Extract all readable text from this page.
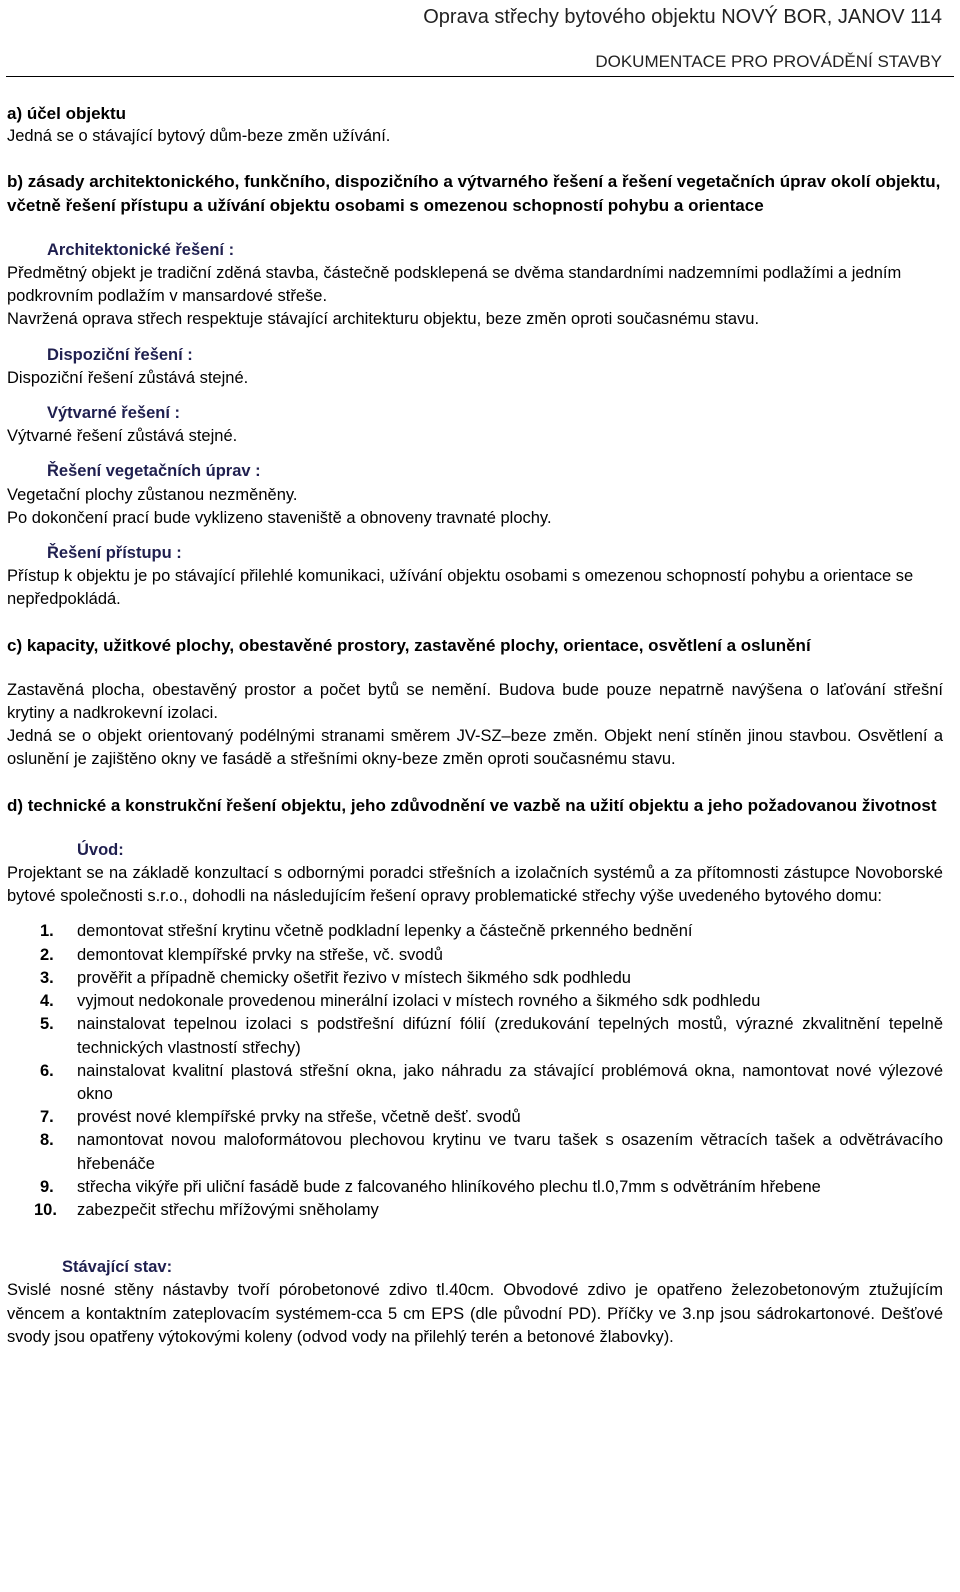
Oprava střechy bytového objektu NOVÝ BOR, JANOV 114
DOKUMENTACE PRO PROVÁDĚNÍ STAVBY

a) účel objektu

Jedná se o stávající bytový dům-beze změn užívání.

b) zásady architektonického, funkčního, dispozičního a výtvarného řešení a řešení vegetačních úprav okolí objektu, včetně řešení přístupu a užívání objektu osobami s omezenou schopností pohybu a orientace

Architektonické řešení :

Předmětný objekt je tradiční zděná stavba, částečně podsklepená se dvěma standardními nadzemními podlažími a jedním podkrovním podlažím v mansardové střeše.

Navržená oprava střech respektuje stávající architekturu objektu, beze změn oproti současnému stavu.

Dispoziční řešení :

Dispoziční řešení zůstává stejné.

Výtvarné řešení :

Výtvarné řešení zůstává stejné.

Řešení vegetačních úprav :

Vegetační plochy zůstanou nezměněny.

Po dokončení prací bude vyklizeno staveniště a obnoveny travnaté plochy.

Řešení přístupu :

Přístup k objektu je po stávající přilehlé komunikaci, užívání objektu osobami s omezenou schopností pohybu a orientace se nepředpokládá.

c) kapacity, užitkové plochy, obestavěné prostory, zastavěné plochy, orientace, osvětlení a oslunění

Zastavěná plocha, obestavěný prostor a počet bytů se nemění. Budova bude pouze nepatrně navýšena o laťování střešní krytiny a nadkrokevní izolaci.

Jedná se o objekt orientovaný podélnými stranami směrem JV-SZ–beze změn. Objekt není stíněn jinou stavbou. Osvětlení a oslunění je zajištěno okny ve fasádě a střešními okny-beze změn oproti současnému stavu.

d) technické a konstrukční řešení objektu, jeho zdůvodnění ve vazbě na užití objektu a jeho požadovanou životnost

Úvod:

Projektant se na základě konzultací s odbornými poradci střešních a izolačních systémů a za přítomnosti zástupce Novoborské bytové společnosti s.r.o., dohodli na následujícím řešení opravy problematické střechy výše uvedeného bytového domu:

1. demontovat střešní krytinu včetně podkladní lepenky a částečně prkenného bednění
2. demontovat klempířské prvky na střeše, vč. svodů
3. prověřit a případně chemicky ošetřit řezivo v místech šikmého sdk podhledu
4. vyjmout nedokonale provedenou minerální izolaci v místech rovného a šikmého sdk podhledu
5. nainstalovat tepelnou izolaci s podstřešní difúzní fólií (zredukování tepelných mostů, výrazné zkvalitnění tepelně technických vlastností střechy)
6. nainstalovat kvalitní plastová střešní okna, jako náhradu za stávající problémová okna, namontovat nové výlezové okno
7. provést nové klempířské prvky na střeše, včetně dešť. svodů
8. namontovat novou maloformátovou plechovou krytinu ve tvaru tašek s osazením větracích tašek a odvětrávacího hřebenáče
9. střecha vikýře při uliční fasádě bude z falcovaného hliníkového plechu tl.0,7mm s odvětráním hřebene
10. zabezpečit střechu mřížovými sněholamy

Stávající stav:

Svislé nosné stěny nástavby tvoří pórobetonové zdivo tl.40cm. Obvodové zdivo je opatřeno železobetonovým ztužujícím věncem a kontaktním zateplovacím systémem-cca 5 cm EPS (dle původní PD). Příčky ve 3.np jsou sádrokartonové. Dešťové svody jsou opatřeny výtokovými koleny (odvod vody na přilehlý terén a betonové žlabovky).
